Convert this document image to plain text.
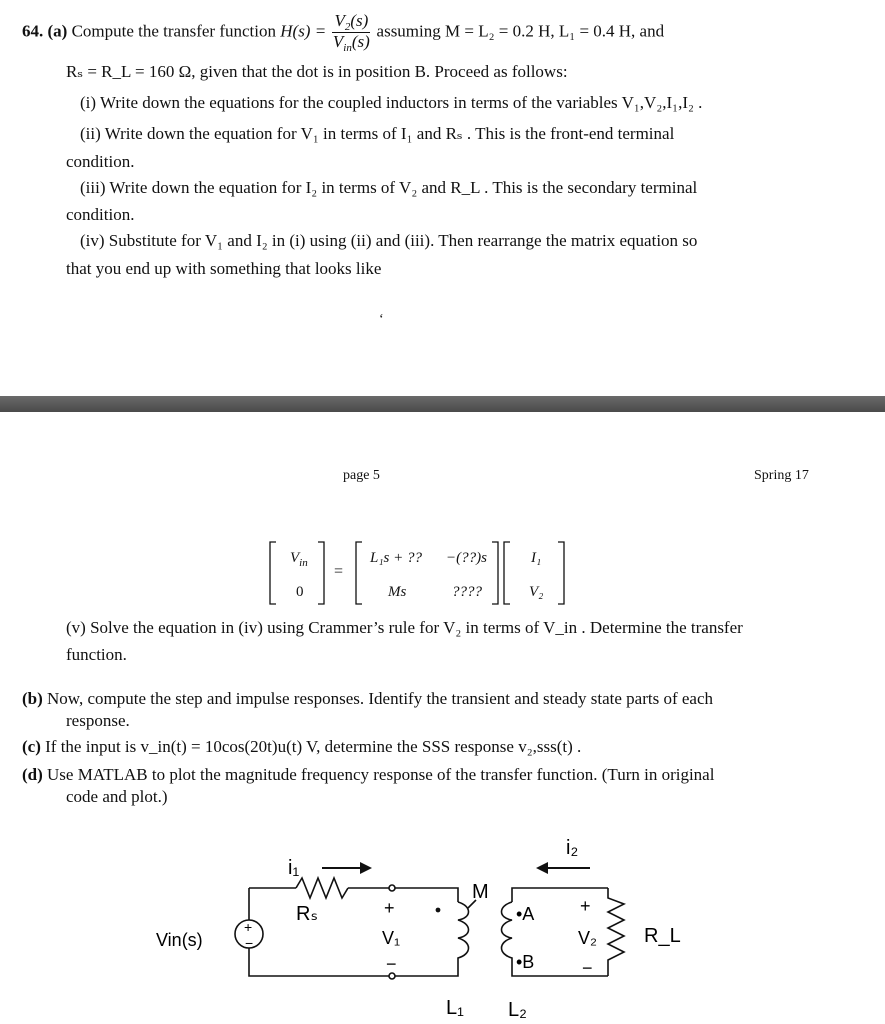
64. (a) Compute the transfer function $H(s) = \frac{V_2(s)}{V_{in}(s)}$ assuming M = L₂ = 0.2 H, L₁ = 0.4 H, and
Rₛ = R_L = 160 Ω, given that the dot is in position B. Proceed as follows:
(i) Write down the equations for the coupled inductors in terms of the variables V₁,V₂,I₁,I₂ .
(ii) Write down the equation for V₁ in terms of I₁ and Rₛ . This is the front-end terminal
condition.
(iii) Write down the equation for I₂ in terms of V₂ and R_L . This is the secondary terminal
condition.
(iv) Substitute for V₁ and I₂ in (i) using (ii) and (iii). Then rearrange the matrix equation so
that you end up with something that looks like
ʻ
page 5	Spring 17
$V_{in}$
0
=
L₁s + ?? −(??)s
Ms	????
I₁
V₂
(v) Solve the equation in (iv) using Crammer’s rule for V₂ in terms of V_in . Determine the transfer
function.
(b) Now, compute the step and impulse responses. Identify the transient and steady state parts of each
response.
(c) If the input is v_in(t) = 10cos(20t)u(t) V, determine the SSS response v₂,sss(t) .
(d) Use MATLAB to plot the magnitude frequency response of the transfer function. (Turn in original
code and plot.)
i₁
i₂
Rₛ
Vin(s)
+
−
+
V₁
−
M
•A
•B
+
V₂
−
R_L
L₁ L₂
